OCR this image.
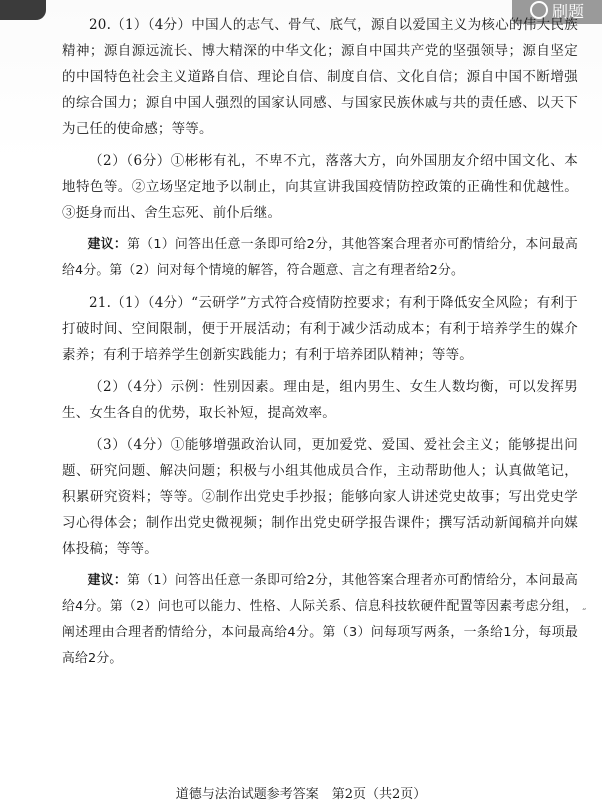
刷题

20.（1）（4分）中国人的志气、骨气、底气，源自以爱国主义为核心的伟大民族精神；源自源远流长、博大精深的中华文化；源自中国共产党的坚强领导；源自坚定的中国特色社会主义道路自信、理论自信、制度自信、文化自信；源自中国不断增强的综合国力；源自中国人强烈的国家认同感、与国家民族休戚与共的责任感、以天下为己任的使命感；等等。

（2）（6分）①彬彬有礼，不卑不亢，落落大方，向外国朋友介绍中国文化、本地特色等。②立场坚定地予以制止，向其宣讲我国疫情防控政策的正确性和优越性。③挺身而出、舍生忘死、前仆后继。

建议：第（1）问答出任意一条即可给2分，其他答案合理者亦可酌情给分，本问最高给4分。第（2）问对每个情境的解答，符合题意、言之有理者给2分。

21.（1）（4分）“云研学”方式符合疫情防控要求；有利于降低安全风险；有利于打破时间、空间限制，便于开展活动；有利于减少活动成本；有利于培养学生的媒介素养；有利于培养学生创新实践能力；有利于培养团队精神；等等。

（2）（4分）示例：性别因素。理由是，组内男生、女生人数均衡，可以发挥男生、女生各自的优势，取长补短，提高效率。

（3）（4分）①能够增强政治认同，更加爱党、爱国、爱社会主义；能够提出问题、研究问题、解决问题；积极与小组其他成员合作，主动帮助他人；认真做笔记，积累研究资料；等等。②制作出党史手抄报；能够向家人讲述党史故事；写出党史学习心得体会；制作出党史微视频；制作出党史研学报告课件；撰写活动新闻稿并向媒体投稿；等等。

建议：第（1）问答出任意一条即可给2分，其他答案合理者亦可酌情给分，本问最高给4分。第（2）问也可以能力、性格、人际关系、信息科技软硬件配置等因素考虑分组，阐述理由合理者酌情给分，本问最高给4分。第（3）问每项写两条，一条给1分，每项最高给2分。

˶
道德与法治试题参考答案　第2页（共2页）
